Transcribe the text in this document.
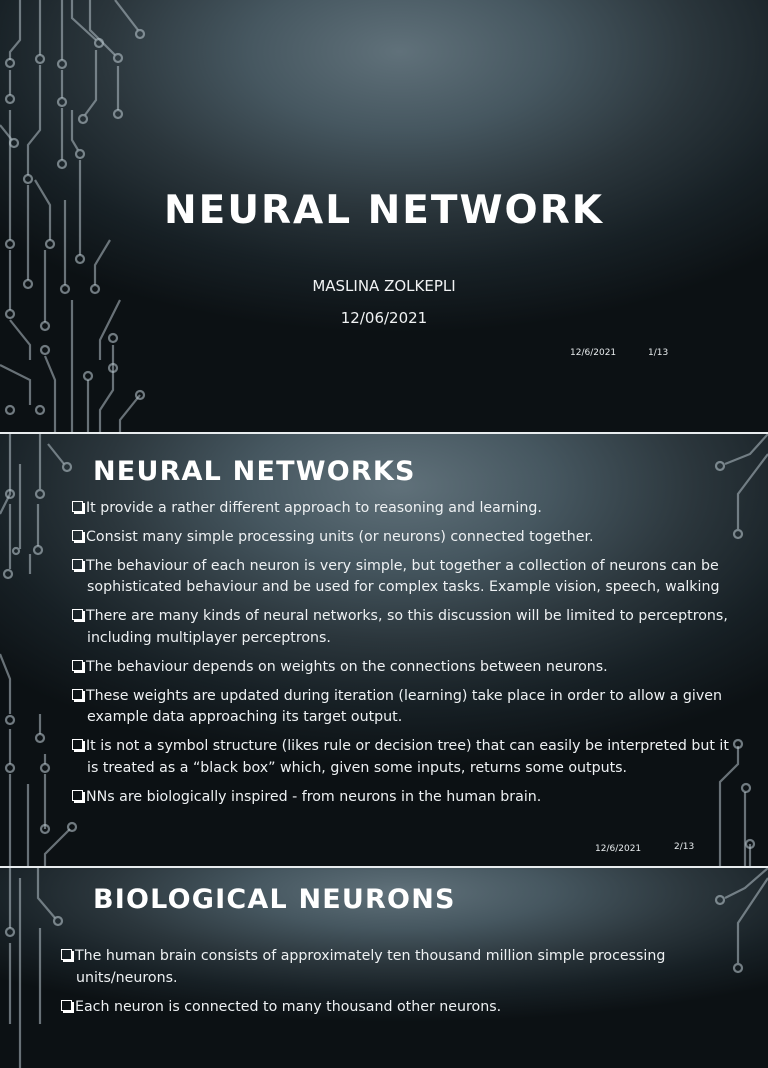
NEURAL NETWORK
MASLINA ZOLKEPLI
12/06/2021
12/6/2021	1/13
NEURAL NETWORKS
It provide a rather different approach to reasoning and learning.
Consist many simple processing units (or neurons) connected together.
The behaviour of each neuron is very simple, but together a collection of neurons can be sophisticated behaviour and be used for complex tasks. Example vision, speech, walking
There are many kinds of neural networks, so this discussion will be limited to perceptrons, including multiplayer perceptrons.
The behaviour depends on weights on the connections between neurons.
These weights are updated during iteration (learning) take place in order to allow a given example data approaching its target output.
It is not a symbol structure (likes rule or decision tree) that can easily be interpreted but it is treated as a “black box” which, given some inputs, returns some outputs.
NNs are biologically inspired - from neurons in the human brain.
12/6/2021	2/13
BIOLOGICAL NEURONS
The human brain consists of approximately ten thousand million simple processing units/neurons.
Each neuron is connected to many thousand other neurons.
